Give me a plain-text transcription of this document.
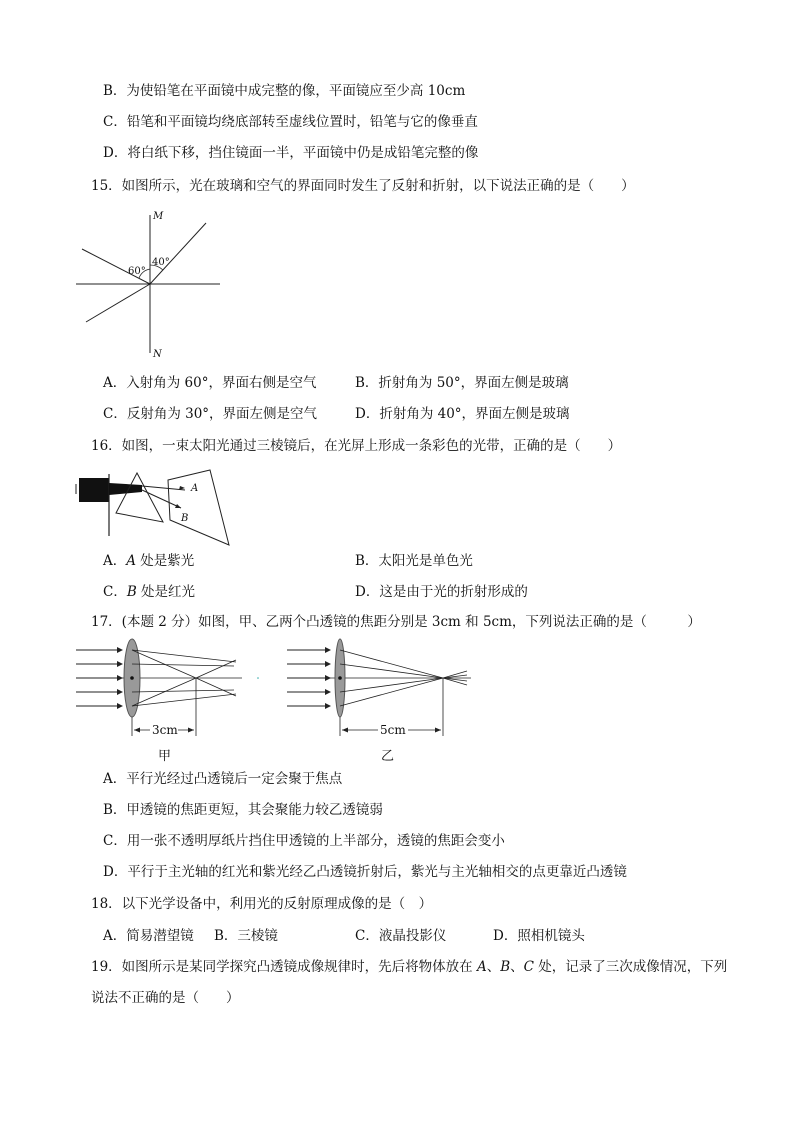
B．为使铅笔在平面镜中成完整的像，平面镜应至少高 10cm
C．铅笔和平面镜均绕底部转至虚线位置时，铅笔与它的像垂直
D．将白纸下移，挡住镜面一半，平面镜中仍是成铅笔完整的像
15．如图所示，光在玻璃和空气的界面同时发生了反射和折射，以下说法正确的是（　　）
M
N
40°
60°
A．入射角为 60°，界面右侧是空气	B．折射角为 50°，界面左侧是玻璃
C．反射角为 30°，界面左侧是空气	D．折射角为 40°，界面左侧是玻璃
16．如图，一束太阳光通过三棱镜后，在光屏上形成一条彩色的光带，正确的是（　　）
A
B
A．A 处是紫光	B．太阳光是单色光
C．B 处是红光	D．这是由于光的折射形成的
17．(本题 2 分）如图，甲、乙两个凸透镜的焦距分别是 3cm 和 5cm，下列说法正确的是（　　　）
3cm
甲
5cm
乙
A．平行光经过凸透镜后一定会聚于焦点
B．甲透镜的焦距更短，其会聚能力较乙透镜弱
C．用一张不透明厚纸片挡住甲透镜的上半部分，透镜的焦距会变小
D．平行于主光轴的红光和紫光经乙凸透镜折射后，紫光与主光轴相交的点更靠近凸透镜
18．以下光学设备中，利用光的反射原理成像的是（　）
A．简易潜望镜 B．三棱镜	C．液晶投影仪	D．照相机镜头
19．如图所示是某同学探究凸透镜成像规律时，先后将物体放在 A、B、C 处，记录了三次成像情况，下列
说法不正确的是（　　）
